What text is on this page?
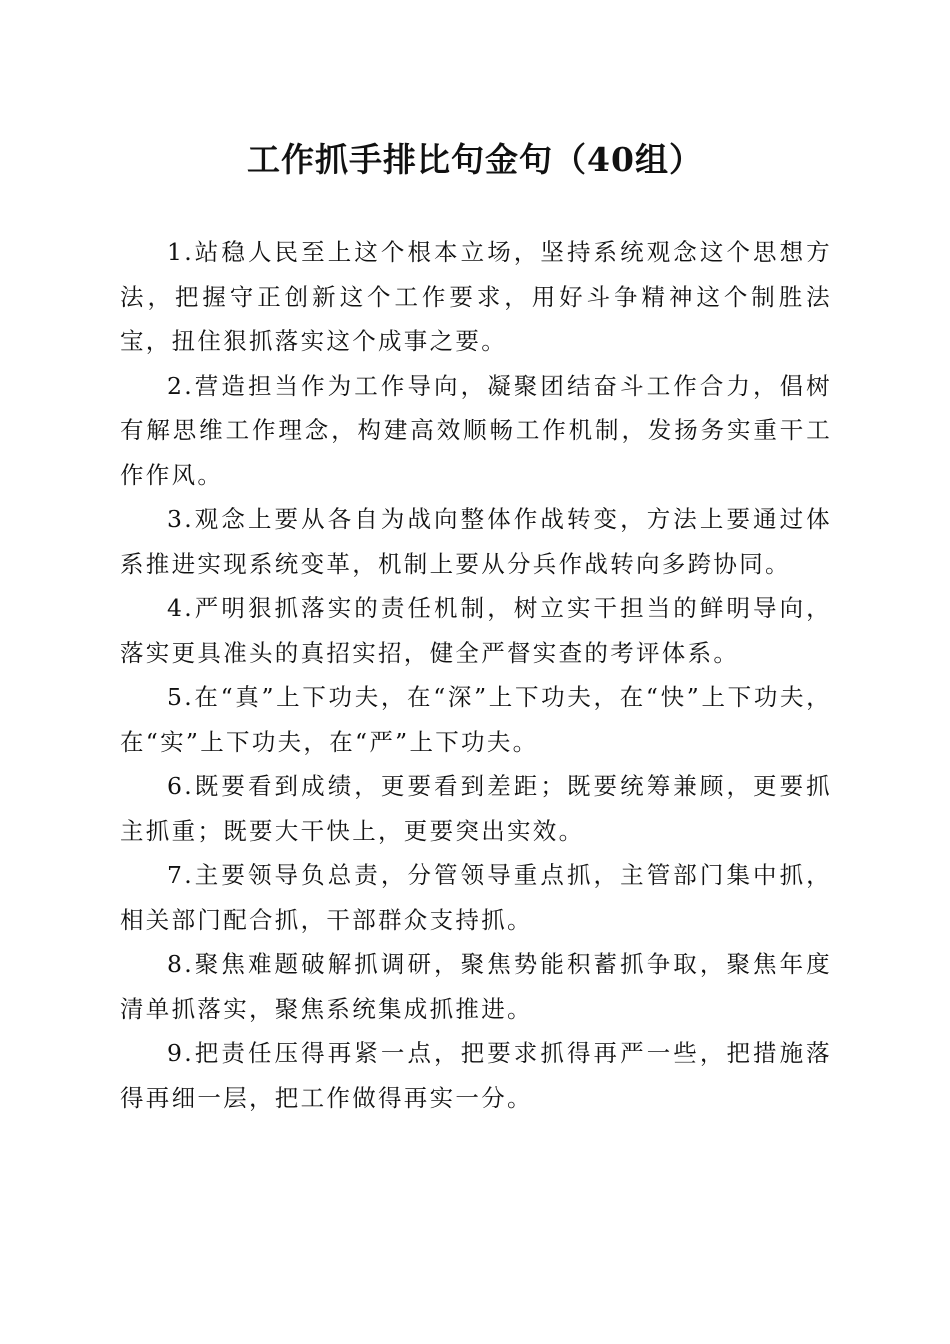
工作抓手排比句金句（40组）

1.站稳人民至上这个根本立场，坚持系统观念这个思想方法，把握守正创新这个工作要求，用好斗争精神这个制胜法宝，扭住狠抓落实这个成事之要。

2.营造担当作为工作导向，凝聚团结奋斗工作合力，倡树有解思维工作理念，构建高效顺畅工作机制，发扬务实重干工作作风。

3.观念上要从各自为战向整体作战转变，方法上要通过体系推进实现系统变革，机制上要从分兵作战转向多跨协同。

4.严明狠抓落实的责任机制，树立实干担当的鲜明导向，落实更具准头的真招实招，健全严督实查的考评体系。

5.在“真”上下功夫，在“深”上下功夫，在“快”上下功夫，在“实”上下功夫，在“严”上下功夫。

6.既要看到成绩，更要看到差距；既要统筹兼顾，更要抓主抓重；既要大干快上，更要突出实效。

7.主要领导负总责，分管领导重点抓，主管部门集中抓，相关部门配合抓，干部群众支持抓。

8.聚焦难题破解抓调研，聚焦势能积蓄抓争取，聚焦年度清单抓落实，聚焦系统集成抓推进。

9.把责任压得再紧一点，把要求抓得再严一些，把措施落得再细一层，把工作做得再实一分。
